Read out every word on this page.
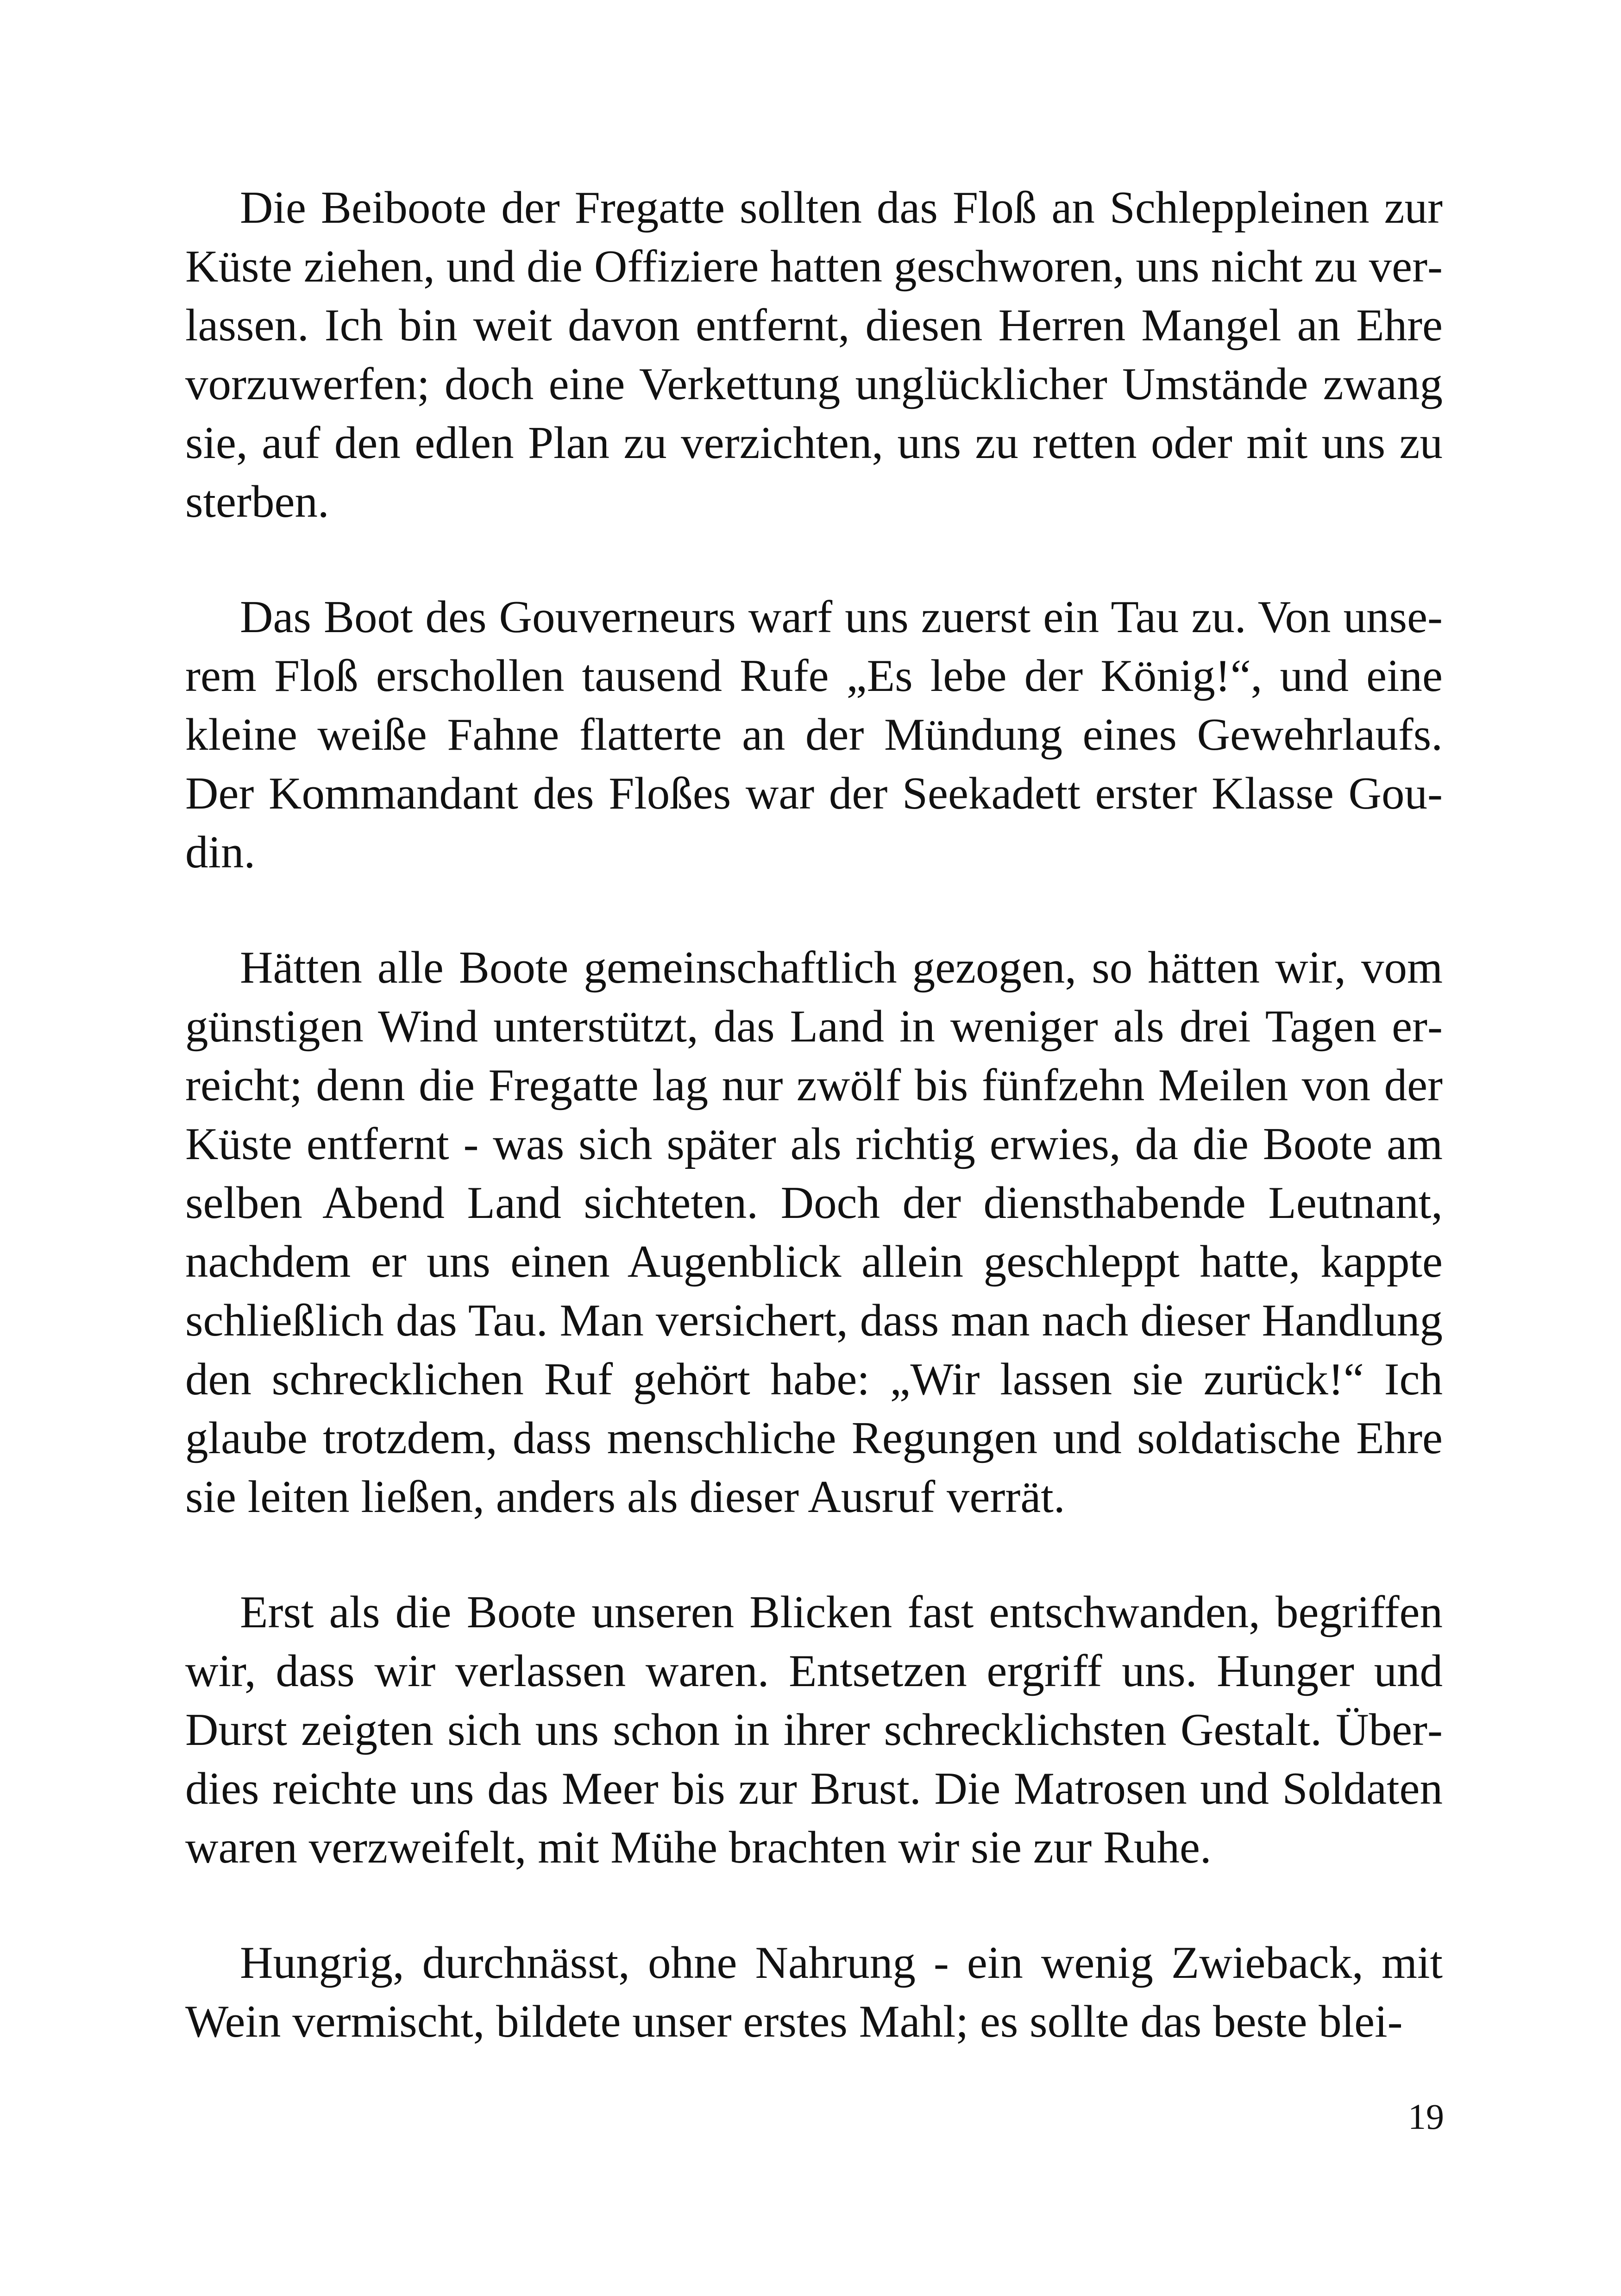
Die Beiboote der Fregatte sollten das Floß an Schleppleinen zur Küste ziehen, und die Offiziere hatten geschworen, uns nicht zu verlassen. Ich bin weit davon entfernt, diesen Herren Mangel an Ehre vorzuwerfen; doch eine Verkettung unglücklicher Umstände zwang sie, auf den edlen Plan zu verzichten, uns zu retten oder mit uns zu sterben.

Das Boot des Gouverneurs warf uns zuerst ein Tau zu. Von unserem Floß erschollen tausend Rufe „Es lebe der König!“, und eine kleine weiße Fahne flatterte an der Mündung eines Gewehrlaufs. Der Kommandant des Floßes war der Seekadett erster Klasse Goudin.

Hätten alle Boote gemeinschaftlich gezogen, so hätten wir, vom günstigen Wind unterstützt, das Land in weniger als drei Tagen erreicht; denn die Fregatte lag nur zwölf bis fünfzehn Meilen von der Küste entfernt - was sich später als richtig erwies, da die Boote am selben Abend Land sichteten. Doch der diensthabende Leutnant, nachdem er uns einen Augenblick allein geschleppt hatte, kappte schließlich das Tau. Man versichert, dass man nach dieser Handlung den schrecklichen Ruf gehört habe: „Wir lassen sie zurück!“ Ich glaube trotzdem, dass menschliche Regungen und soldatische Ehre sie leiten ließen, anders als dieser Ausruf verrät.

Erst als die Boote unseren Blicken fast entschwanden, begriffen wir, dass wir verlassen waren. Entsetzen ergriff uns. Hunger und Durst zeigten sich uns schon in ihrer schrecklichsten Gestalt. Überdies reichte uns das Meer bis zur Brust. Die Matrosen und Soldaten waren verzweifelt, mit Mühe brachten wir sie zur Ruhe.

Hungrig, durchnässt, ohne Nahrung - ein wenig Zwieback, mit Wein vermischt, bildete unser erstes Mahl; es sollte das beste blei-

19
